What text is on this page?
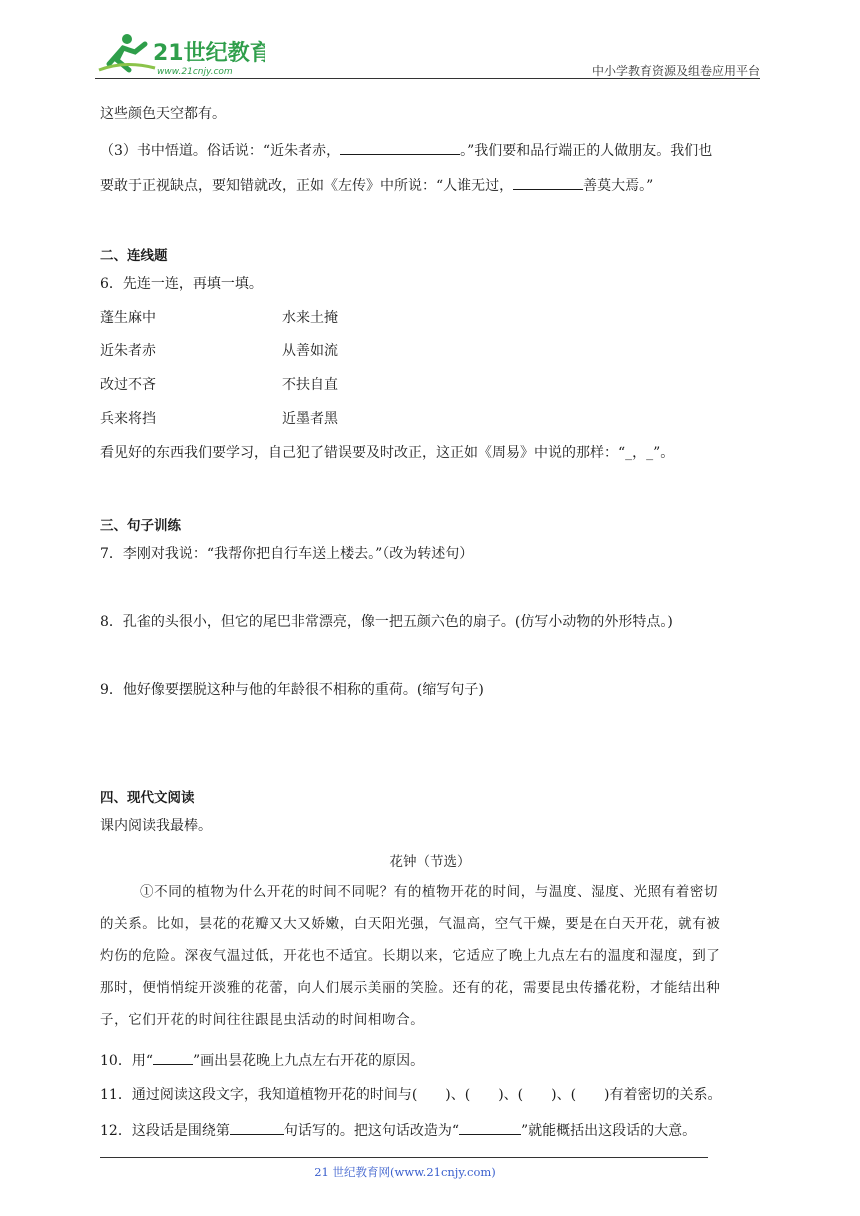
21世纪教育
www.21cnjy.com	中小学教育资源及组卷应用平台
这些颜色天空都有。
（3）书中悟道。俗话说：“近朱者赤，	。”我们要和品行端正的人做朋友。我们也
要敢于正视缺点，要知错就改，正如《左传》中所说：“人谁无过，	善莫大焉。”
二、连线题
6．先连一连，再填一填。
蓬生麻中	水来土掩
近朱者赤	从善如流
改过不吝	不扶自直
兵来将挡	近墨者黑
看见好的东西我们要学习，自己犯了错误要及时改正，这正如《周易》中说的那样：“_，_”。
三、句子训练
7．李刚对我说：“我帮你把自行车送上楼去。”（改为转述句）
8．孔雀的头很小，但它的尾巴非常漂亮，像一把五颜六色的扇子。(仿写小动物的外形特点。)
9．他好像要摆脱这种与他的年龄很不相称的重荷。(缩写句子)
四、现代文阅读
课内阅读我最棒。
花钟（节选）
①不同的植物为什么开花的时间不同呢？有的植物开花的时间，与温度、湿度、光照有着密切
的关系。比如，昙花的花瓣又大又娇嫩，白天阳光强，气温高，空气干燥，要是在白天开花，就有被
灼伤的危险。深夜气温过低，开花也不适宜。长期以来，它适应了晚上九点左右的温度和湿度，到了
那时，便悄悄绽开淡雅的花蕾，向人们展示美丽的笑脸。还有的花，需要昆虫传播花粉，才能结出种
子，它们开花的时间往往跟昆虫活动的时间相吻合。
10．用“	”画出昙花晚上九点左右开花的原因。
11．通过阅读这段文字，我知道植物开花的时间与(　　)、(　　)、(　　)、(　　)有着密切的关系。
12．这段话是围绕第	句话写的。把这句话改造为“	”就能概括出这段话的大意。
21 世纪教育网(www.21cnjy.com)
